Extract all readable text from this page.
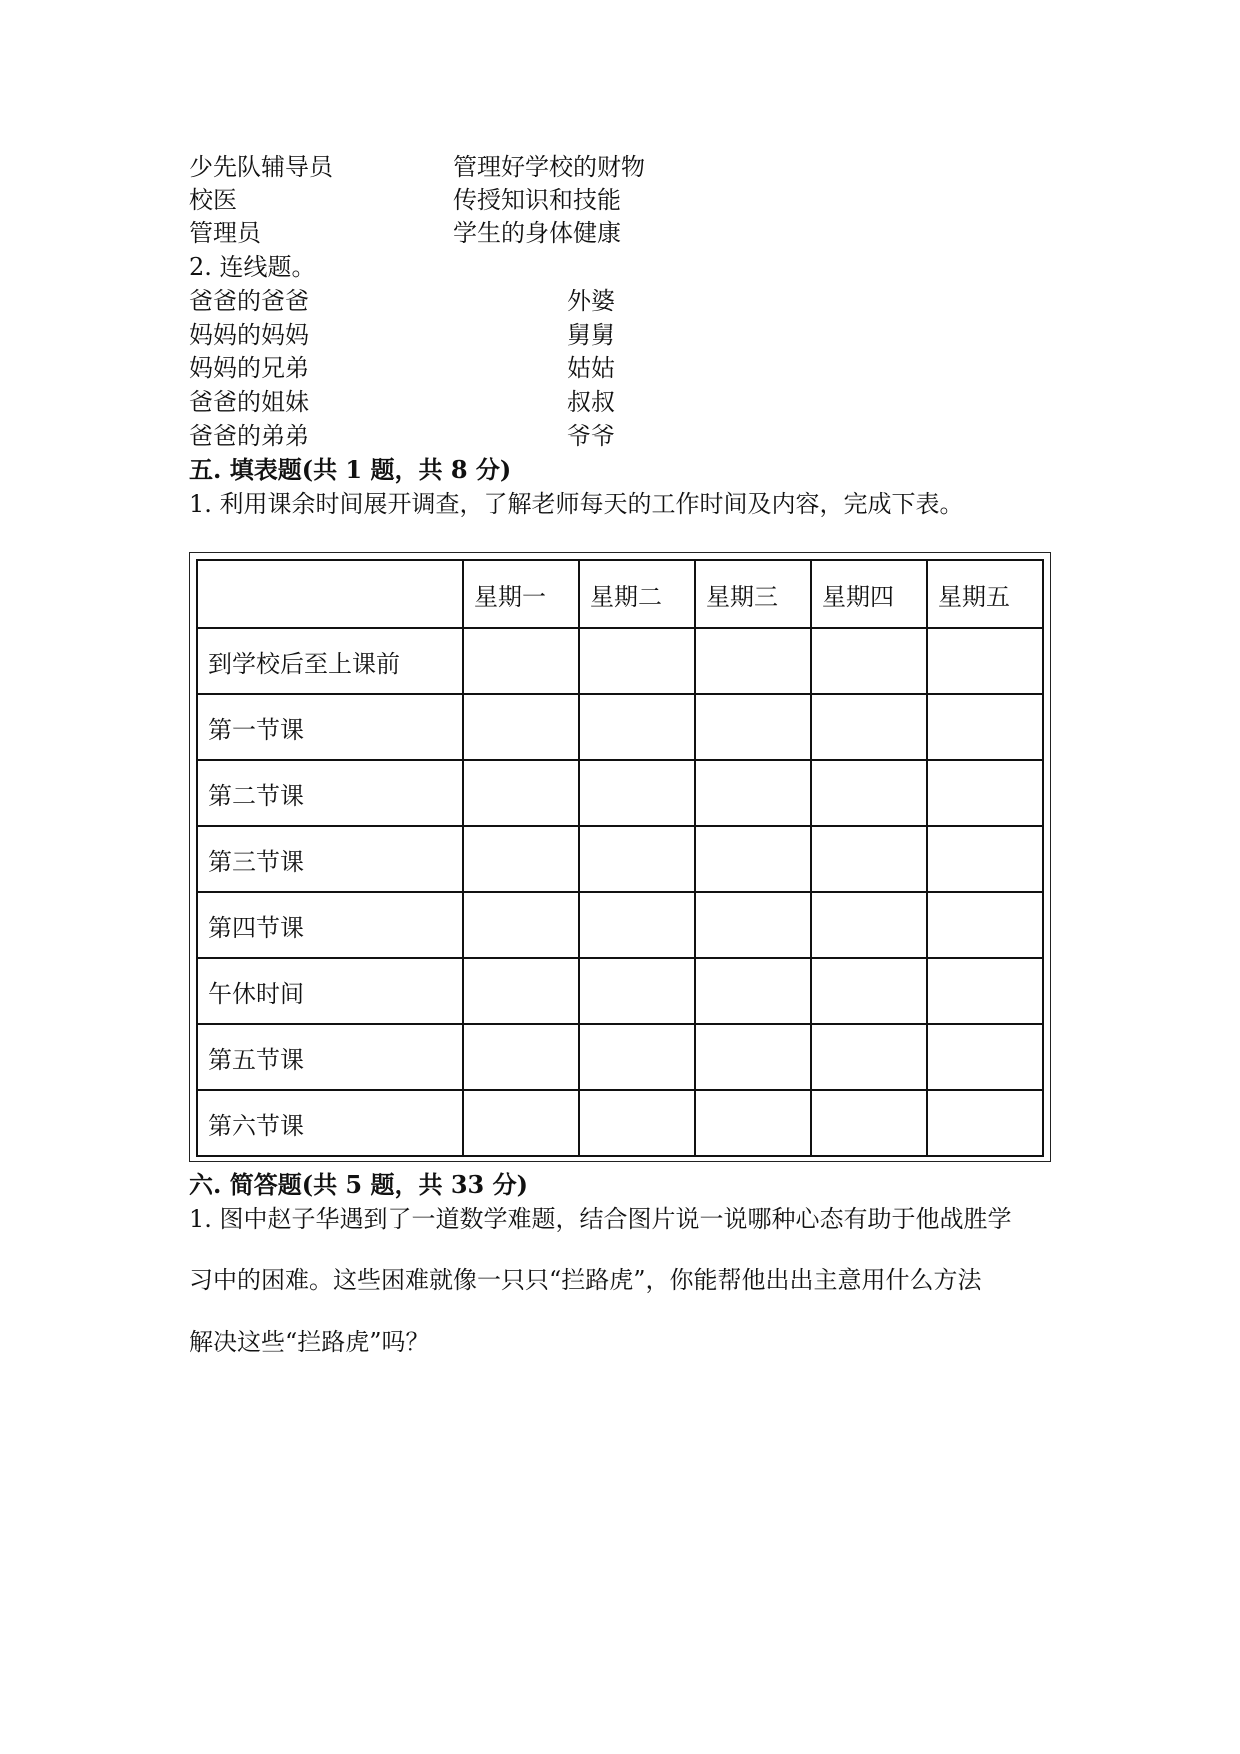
少先队辅导员	管理好学校的财物
校医	传授知识和技能
管理员	学生的身体健康
2. 连线题。
爸爸的爸爸	外婆
妈妈的妈妈	舅舅
妈妈的兄弟	姑姑
爸爸的姐妹	叔叔
爸爸的弟弟	爷爷
五. 填表题(共 1 题，共 8 分)
1. 利用课余时间展开调查，了解老师每天的工作时间及内容，完成下表。
	星期一	星期二	星期三	星期四	星期五
到学校后至上课前					
第一节课					
第二节课					
第三节课					
第四节课					
午休时间					
第五节课					
第六节课					
六. 简答题(共 5 题，共 33 分)
1. 图中赵子华遇到了一道数学难题，结合图片说一说哪种心态有助于他战胜学
习中的困难。这些困难就像一只只“拦路虎”，你能帮他出出主意用什么方法
解决这些“拦路虎”吗？
